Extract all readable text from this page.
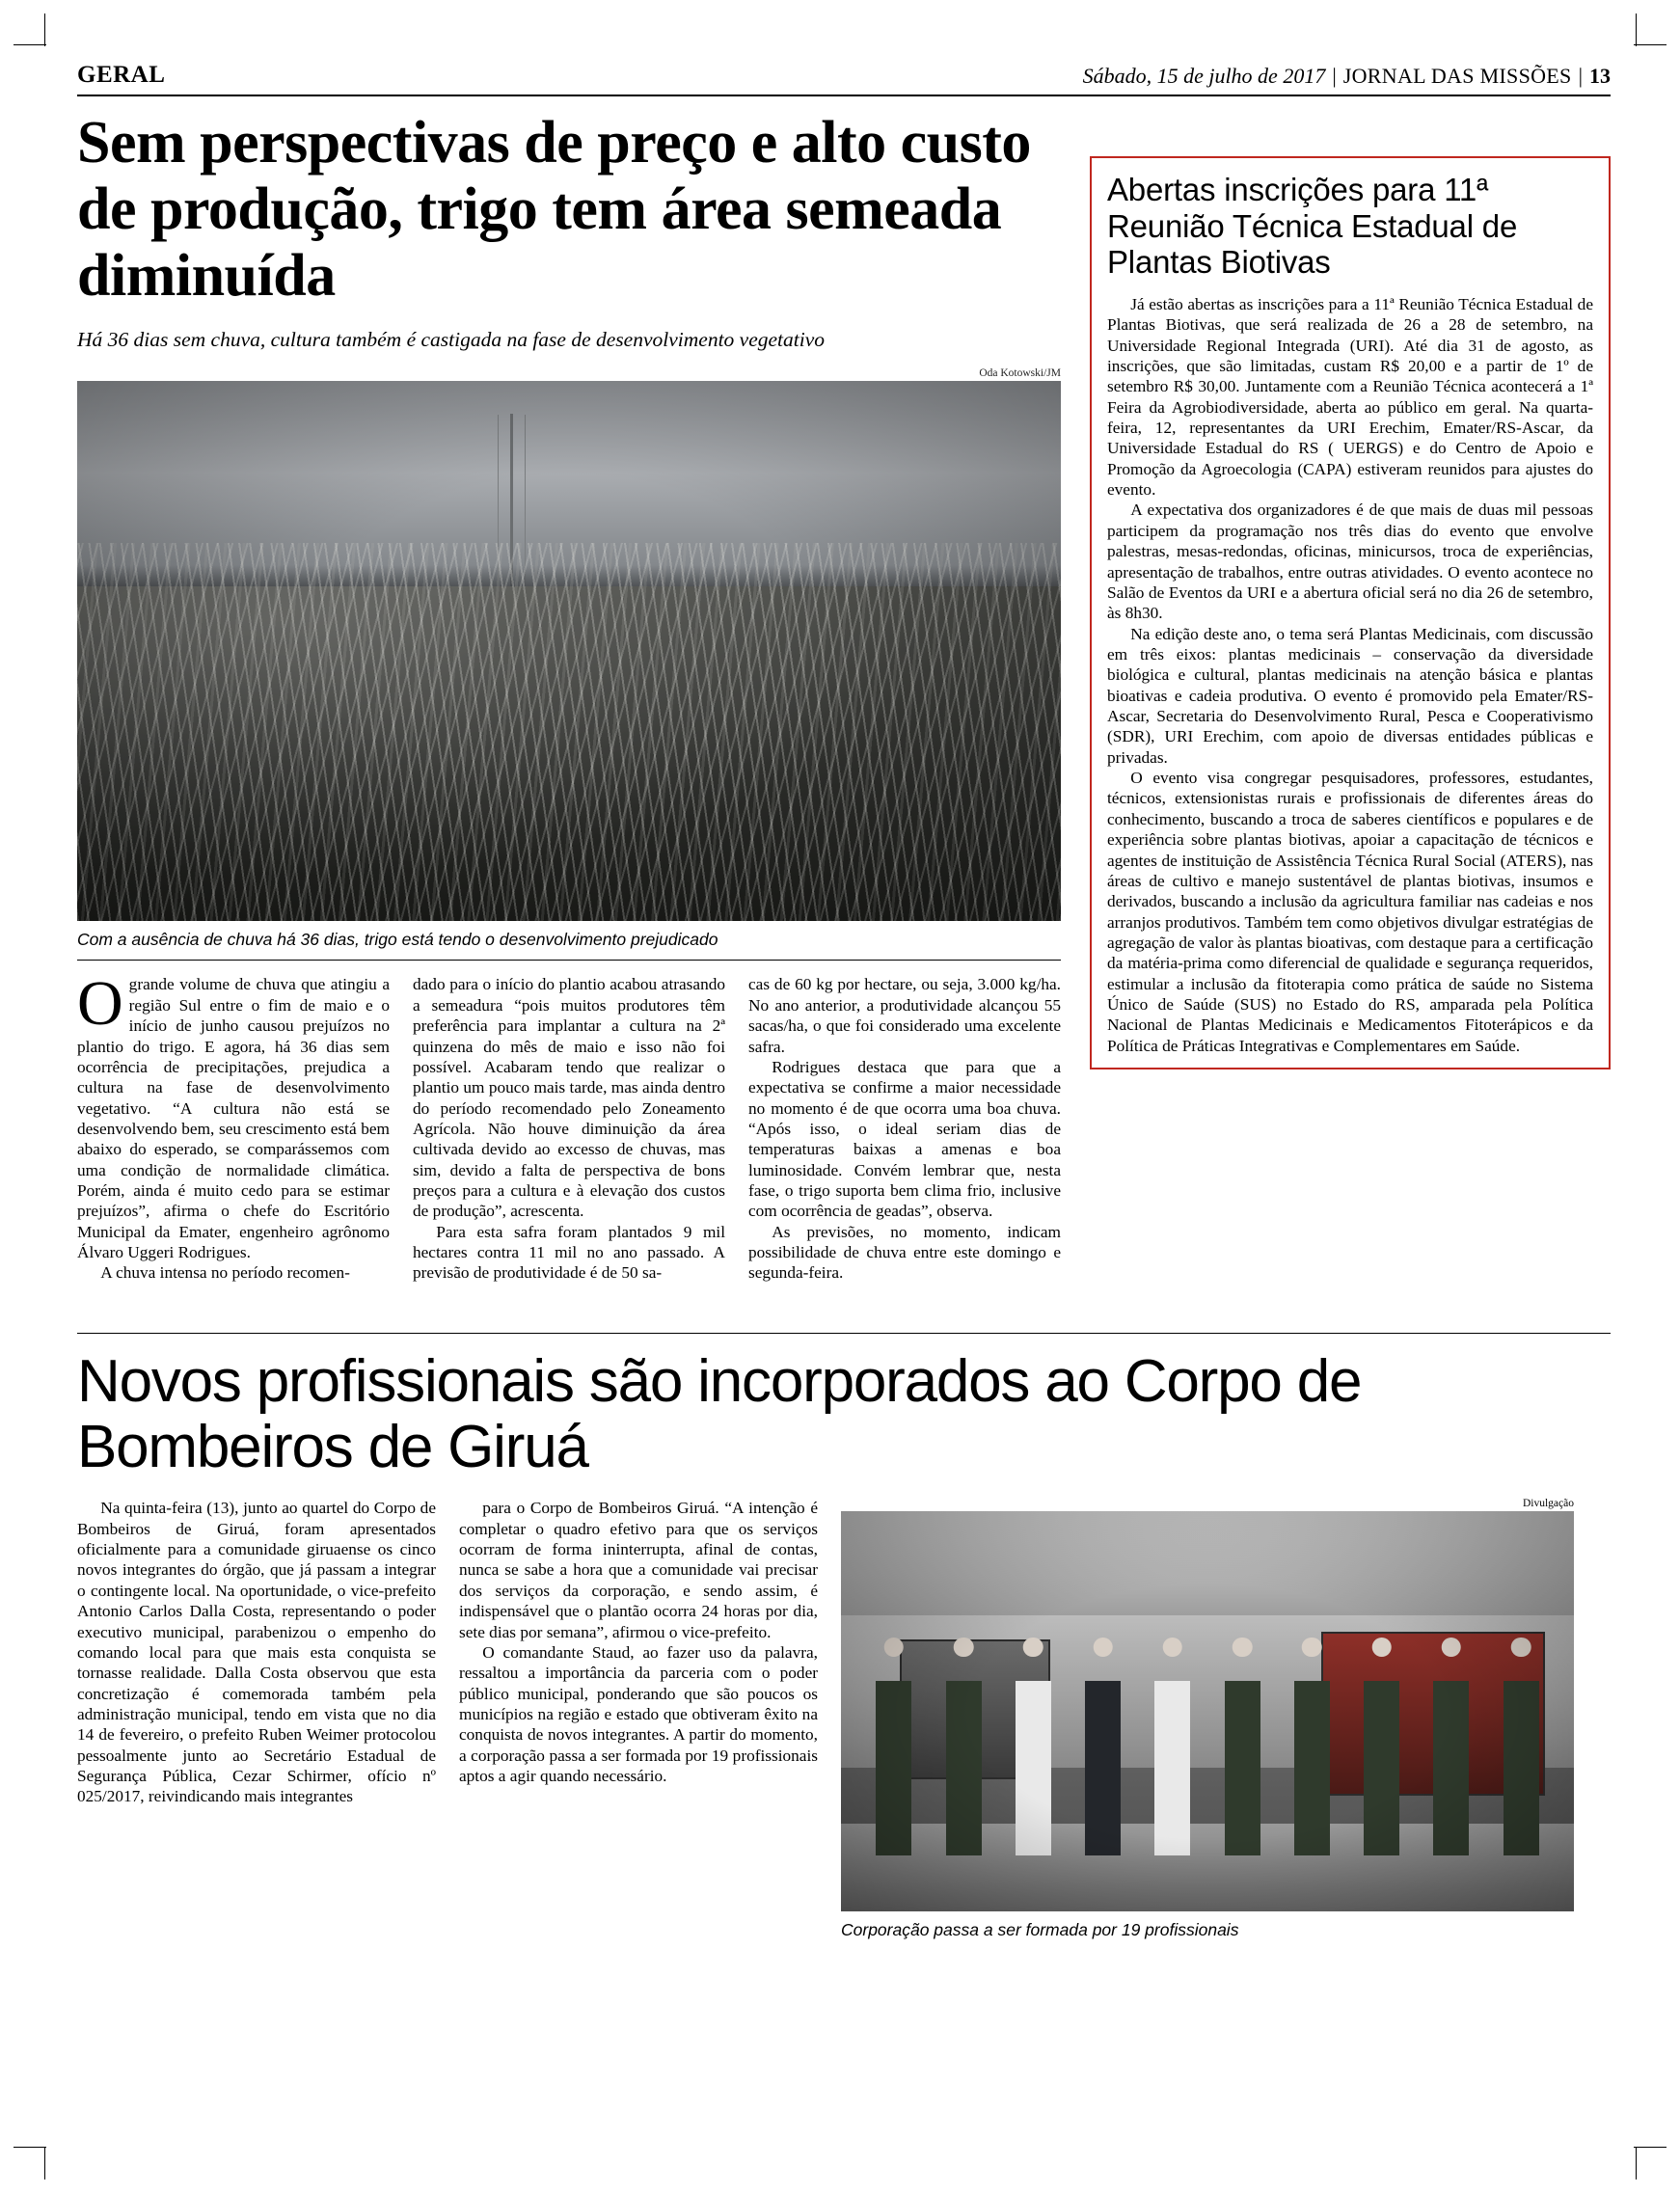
GERAL	Sábado, 15 de julho de 2017 | JORNAL DAS MISSÕES | 13
Sem perspectivas de preço e alto custo de produção, trigo tem área semeada diminuída
Há 36 dias sem chuva, cultura também é castigada na fase de desenvolvimento vegetativo
Oda Kotowski/JM
Com a ausência de chuva há 36 dias, trigo está tendo o desenvolvimento prejudicado

Ogrande volume de chuva que atingiu a região Sul entre o fim de maio e o início de junho causou prejuízos no plantio do trigo. E agora, há 36 dias sem ocorrência de precipitações, prejudica a cultura na fase de desenvolvimento vegetativo. “A cultura não está se desenvolvendo bem, seu crescimento está bem abaixo do esperado, se comparássemos com uma condição de normalidade climática. Porém, ainda é muito cedo para se estimar prejuízos”, afirma o chefe do Escritório Municipal da Emater, engenheiro agrônomo Álvaro Uggeri Rodrigues.

A chuva intensa no período recomen-

dado para o início do plantio acabou atrasando a semeadura “pois muitos produtores têm preferência para implantar a cultura na 2ª quinzena do mês de maio e isso não foi possível. Acabaram tendo que realizar o plantio um pouco mais tarde, mas ainda dentro do período recomendado pelo Zoneamento Agrícola. Não houve diminuição da área cultivada devido ao excesso de chuvas, mas sim, devido a falta de perspectiva de bons preços para a cultura e à elevação dos custos de produção”, acrescenta.

Para esta safra foram plantados 9 mil hectares contra 11 mil no ano passado. A previsão de produtividade é de 50 sa-

cas de 60 kg por hectare, ou seja, 3.000 kg/ha. No ano anterior, a produtividade alcançou 55 sacas/ha, o que foi considerado uma excelente safra.

Rodrigues destaca que para que a expectativa se confirme a maior necessidade no momento é de que ocorra uma boa chuva. “Após isso, o ideal seriam dias de temperaturas baixas a amenas e boa luminosidade. Convém lembrar que, nesta fase, o trigo suporta bem clima frio, inclusive com ocorrência de geadas”, observa.

As previsões, no momento, indicam possibilidade de chuva entre este domingo e segunda-feira.

Abertas inscrições para 11ª Reunião Técnica Estadual de Plantas Biotivas

Já estão abertas as inscrições para a 11ª Reunião Técnica Estadual de Plantas Biotivas, que será realizada de 26 a 28 de setembro, na Universidade Regional Integrada (URI). Até dia 31 de agosto, as inscrições, que são limitadas, custam R$ 20,00 e a partir de 1º de setembro R$ 30,00. Juntamente com a Reunião Técnica acontecerá a 1ª Feira da Agrobiodiversidade, aberta ao público em geral. Na quarta-feira, 12, representantes da URI Erechim, Emater/RS-Ascar, da Universidade Estadual do RS ( UERGS) e do Centro de Apoio e Promoção da Agroecologia (CAPA) estiveram reunidos para ajustes do evento.

A expectativa dos organizadores é de que mais de duas mil pessoas participem da programação nos três dias do evento que envolve palestras, mesas-redondas, oficinas, minicursos, troca de experiências, apresentação de trabalhos, entre outras atividades. O evento acontece no Salão de Eventos da URI e a abertura oficial será no dia 26 de setembro, às 8h30.

Na edição deste ano, o tema será Plantas Medicinais, com discussão em três eixos: plantas medicinais – conservação da diversidade biológica e cultural, plantas medicinais na atenção básica e plantas bioativas e cadeia produtiva. O evento é promovido pela Emater/RS-Ascar, Secretaria do Desenvolvimento Rural, Pesca e Cooperativismo (SDR), URI Erechim, com apoio de diversas entidades públicas e privadas.

O evento visa congregar pesquisadores, professores, estudantes, técnicos, extensionistas rurais e profissionais de diferentes áreas do conhecimento, buscando a troca de saberes científicos e populares e de experiência sobre plantas biotivas, apoiar a capacitação de técnicos e agentes de instituição de Assistência Técnica Rural Social (ATERS), nas áreas de cultivo e manejo sustentável de plantas biotivas, insumos e derivados, buscando a inclusão da agricultura familiar nas cadeias e nos arranjos produtivos. Também tem como objetivos divulgar estratégias de agregação de valor às plantas bioativas, com destaque para a certificação da matéria-prima como diferencial de qualidade e segurança requeridos, estimular a inclusão da fitoterapia como prática de saúde no Sistema Único de Saúde (SUS) no Estado do RS, amparada pela Política Nacional de Plantas Medicinais e Medicamentos Fitoterápicos e da Política de Práticas Integrativas e Complementares em Saúde.

Novos profissionais são incorporados ao Corpo de Bombeiros de Giruá

Na quinta-feira (13), junto ao quartel do Corpo de Bombeiros de Giruá, foram apresentados oficialmente para a comunidade giruaense os cinco novos integrantes do órgão, que já passam a integrar o contingente local. Na oportunidade, o vice-prefeito Antonio Carlos Dalla Costa, representando o poder executivo municipal, parabenizou o empenho do comando local para que mais esta conquista se tornasse realidade. Dalla Costa observou que esta concretização é comemorada também pela administração municipal, tendo em vista que no dia 14 de fevereiro, o prefeito Ruben Weimer protocolou pessoalmente junto ao Secretário Estadual de Segurança Pública, Cezar Schirmer, ofício nº 025/2017, reivindicando mais integrantes

para o Corpo de Bombeiros Giruá. “A intenção é completar o quadro efetivo para que os serviços ocorram de forma ininterrupta, afinal de contas, nunca se sabe a hora que a comunidade vai precisar dos serviços da corporação, e sendo assim, é indispensável que o plantão ocorra 24 horas por dia, sete dias por semana”, afirmou o vice-prefeito.

O comandante Staud, ao fazer uso da palavra, ressaltou a importância da parceria com o poder público municipal, ponderando que são poucos os municípios na região e estado que obtiveram êxito na conquista de novos integrantes. A partir do momento, a corporação passa a ser formada por 19 profissionais aptos a agir quando necessário.

Divulgação
Corporação passa a ser formada por 19 profissionais
